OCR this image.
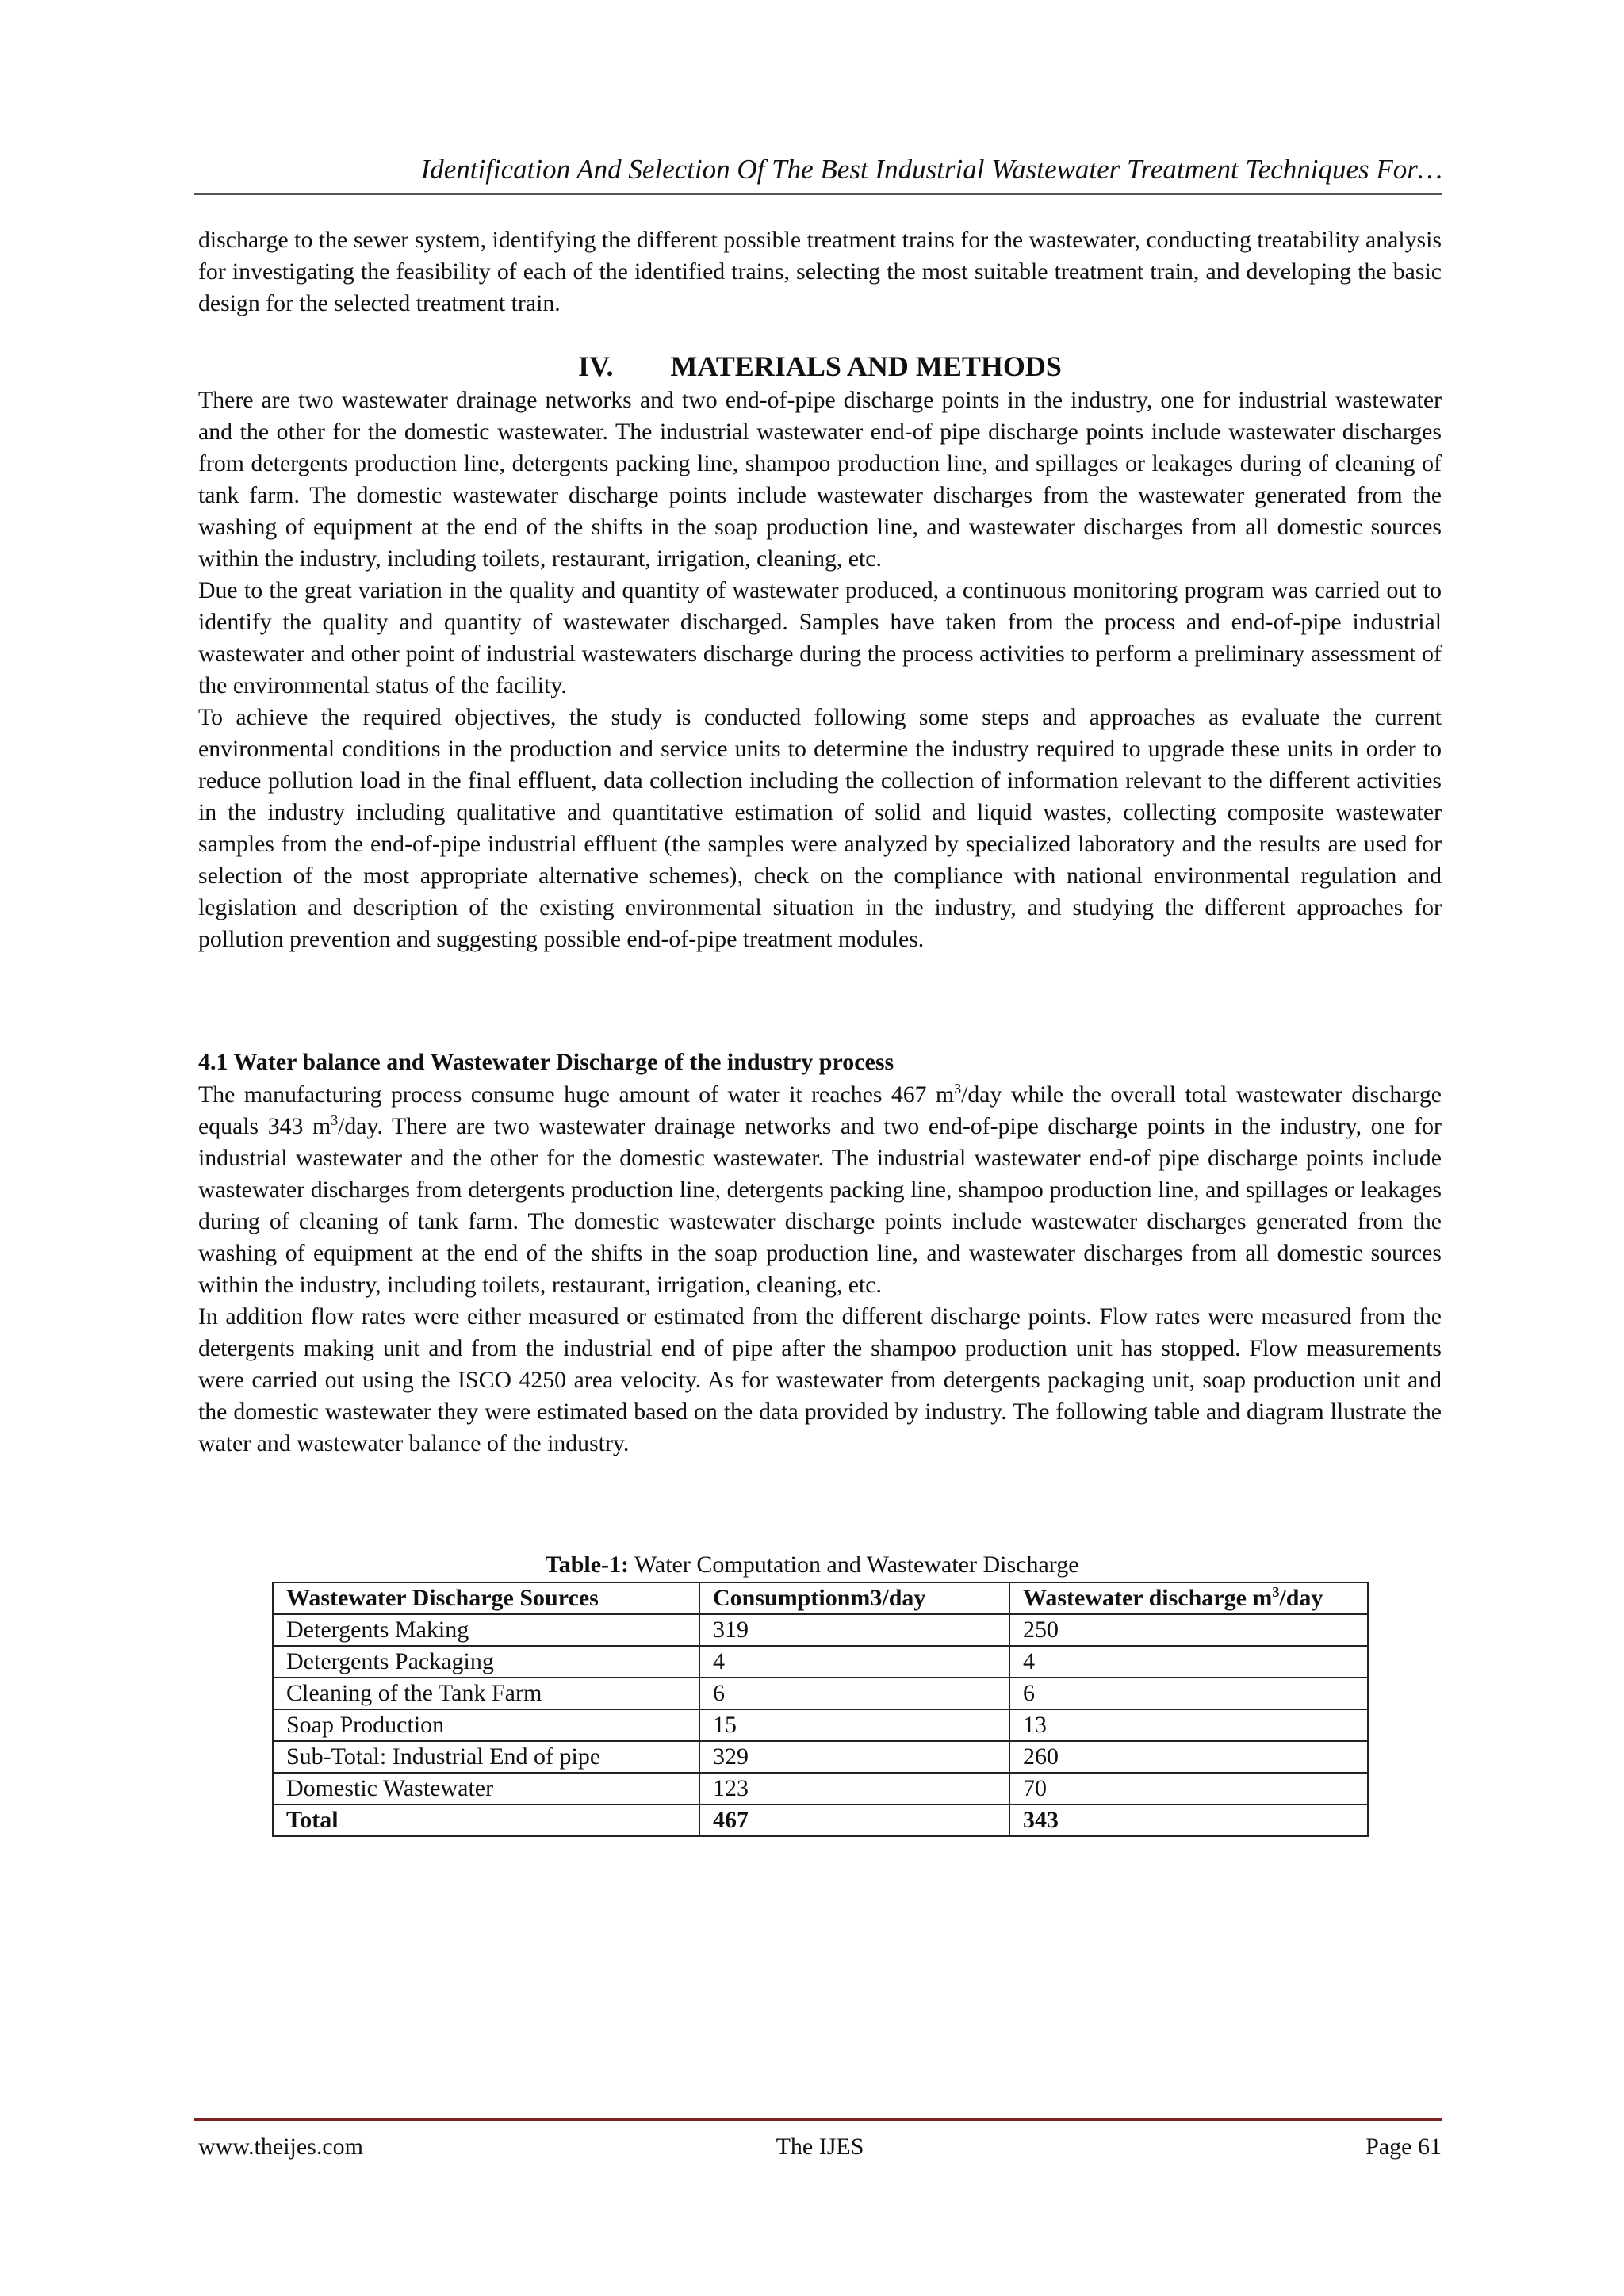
Identification And Selection Of The Best Industrial Wastewater Treatment Techniques For…

discharge to the sewer system, identifying the different possible treatment trains for the wastewater, conducting treatability analysis for investigating the feasibility of each of the identified trains, selecting the most suitable treatment train, and developing the basic design for the selected treatment train.

IV. MATERIALS AND METHODS

There are two wastewater drainage networks and two end-of-pipe discharge points in the industry, one for industrial wastewater and the other for the domestic wastewater. The industrial wastewater end-of pipe discharge points include wastewater discharges from detergents production line, detergents packing line, shampoo production line, and spillages or leakages during of cleaning of tank farm. The domestic wastewater discharge points include wastewater discharges from the wastewater generated from the washing of equipment at the end of the shifts in the soap production line, and wastewater discharges from all domestic sources within the industry, including toilets, restaurant, irrigation, cleaning, etc.

Due to the great variation in the quality and quantity of wastewater produced, a continuous monitoring program was carried out to identify the quality and quantity of wastewater discharged. Samples have taken from the process and end-of-pipe industrial wastewater and other point of industrial wastewaters discharge during the process activities to perform a preliminary assessment of the environmental status of the facility.

To achieve the required objectives, the study is conducted following some steps and approaches as evaluate the current environmental conditions in the production and service units to determine the industry required to upgrade these units in order to reduce pollution load in the final effluent, data collection including the collection of information relevant to the different activities in the industry including qualitative and quantitative estimation of solid and liquid wastes, collecting composite wastewater samples from the end-of-pipe industrial effluent (the samples were analyzed by specialized laboratory and the results are used for selection of the most appropriate alternative schemes), check on the compliance with national environmental regulation and legislation and description of the existing environmental situation in the industry, and studying the different approaches for pollution prevention and suggesting possible end-of-pipe treatment modules.

4.1 Water balance and Wastewater Discharge of the industry process

The manufacturing process consume huge amount of water it reaches 467 $m^3$/day while the overall total wastewater discharge equals 343 $m^3$/day. There are two wastewater drainage networks and two end-of-pipe discharge points in the industry, one for industrial wastewater and the other for the domestic wastewater. The industrial wastewater end-of pipe discharge points include wastewater discharges from detergents production line, detergents packing line, shampoo production line, and spillages or leakages during of cleaning of tank farm. The domestic wastewater discharge points include wastewater discharges generated from the washing of equipment at the end of the shifts in the soap production line, and wastewater discharges from all domestic sources within the industry, including toilets, restaurant, irrigation, cleaning, etc.

In addition flow rates were either measured or estimated from the different discharge points. Flow rates were measured from the detergents making unit and from the industrial end of pipe after the shampoo production unit has stopped. Flow measurements were carried out using the ISCO 4250 area velocity. As for wastewater from detergents packaging unit, soap production unit and the domestic wastewater they were estimated based on the data provided by industry. The following table and diagram llustrate the water and wastewater balance of the industry.

Table-1: Water Computation and Wastewater Discharge
Wastewater Discharge Sources	Consumptionm3/day	Wastewater discharge $m^3$/day
Detergents Making	319	250
Detergents Packaging	4	4
Cleaning of the Tank Farm	6	6
Soap Production	15	13
Sub-Total: Industrial End of pipe	329	260
Domestic Wastewater	123	70
Total	467	343
www.theijes.com	The IJES	Page 61
